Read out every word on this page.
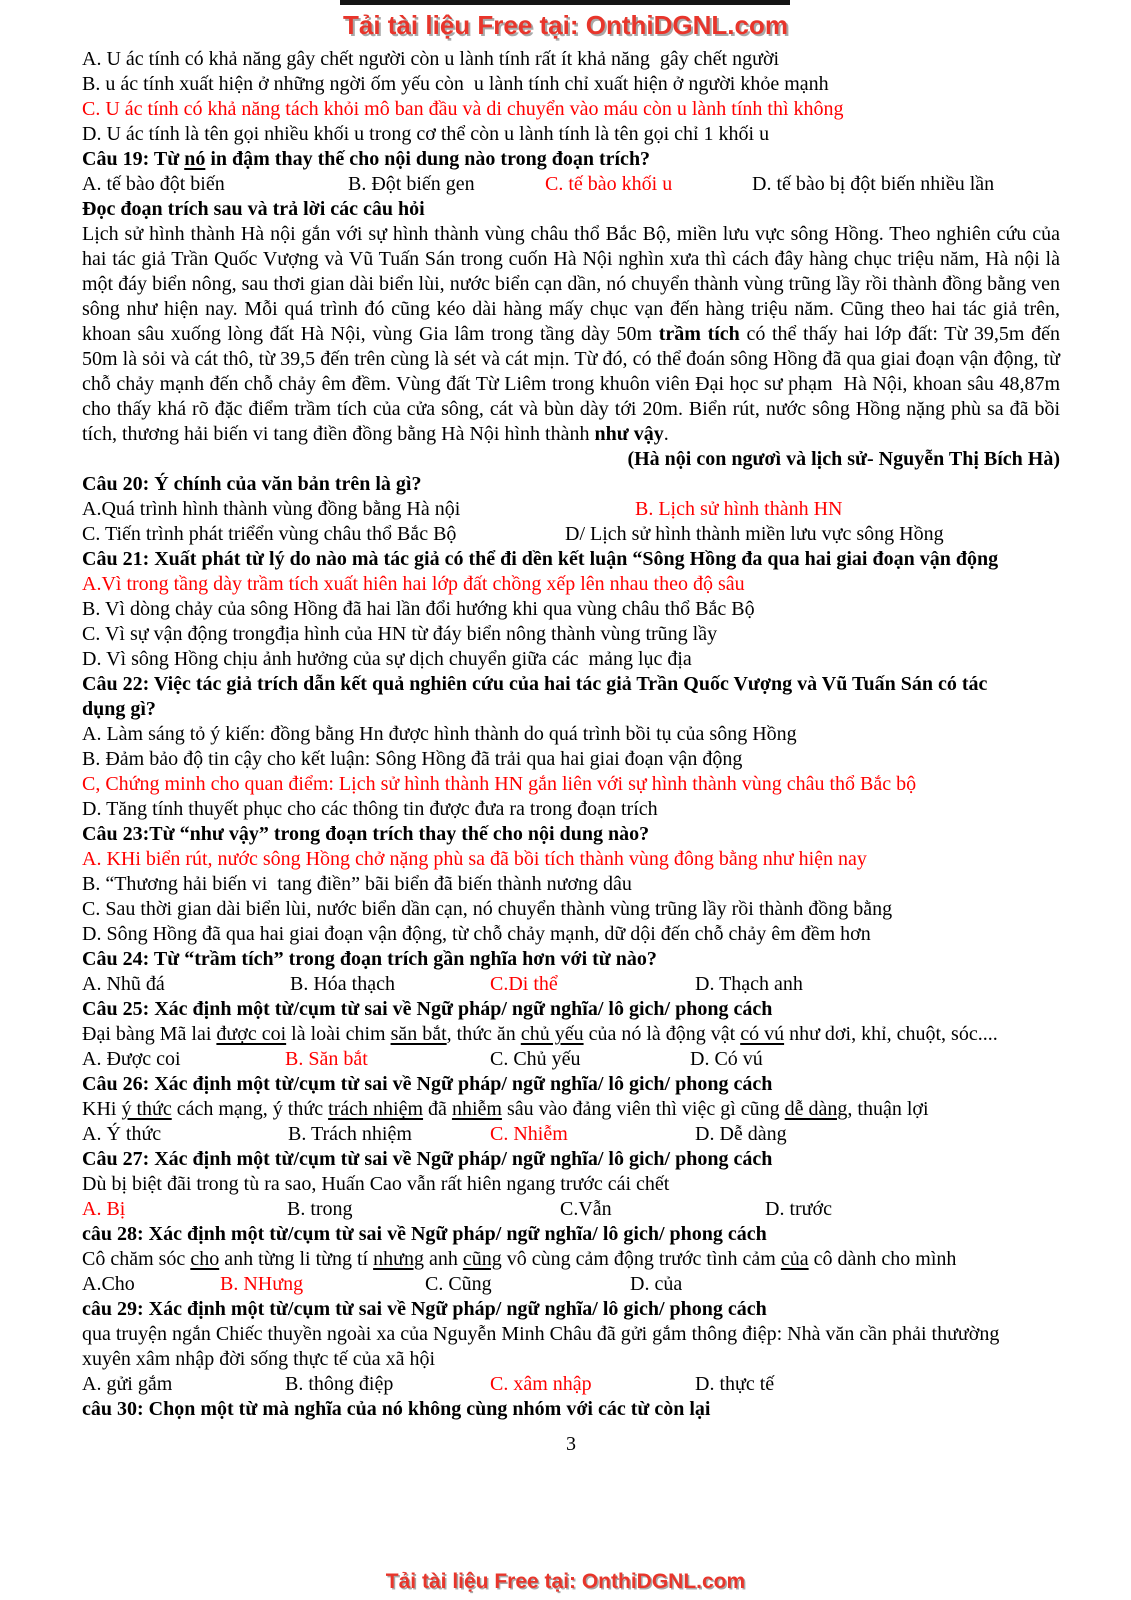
Tải tài liệu Free tại: OnthiDGNL.com
A. U ác tính có khả năng gây chết người còn u lành tính rất ít khả năng  gây chết người
B. u ác tính xuất hiện ở những ngời ốm yếu còn  u lành tính chỉ xuất hiện ở người khỏe mạnh
C. U ác tính có khả năng tách khỏi mô ban đầu và di chuyển vào máu còn u lành tính thì không
D. U ác tính là tên gọi nhiều khối u trong cơ thể còn u lành tính là tên gọi chỉ 1 khối u
Câu 19: Từ nó in đậm thay thế cho nội dung nào trong đoạn trích?
A. tế bào đột biến	B. Đột biến gen	C. tế bào khối u	D. tế bào bị đột biến nhiều lần
Đọc đoạn trích sau và trả lời các câu hỏi
Lịch sử hình thành Hà nội gắn với sự hình thành vùng châu thổ Bắc Bộ, miền lưu vực sông Hồng. Theo nghiên cứu của hai tác giả Trần Quốc Vượng và Vũ Tuấn Sán trong cuốn Hà Nội nghìn xưa thì cách đây hàng chục triệu năm, Hà nội là một đáy biển nông, sau thơi gian dài biển lùi, nước biển cạn dần, nó chuyển thành vùng trũng lầy rồi thành đồng bằng ven sông như hiện nay. Mỗi quá trình đó cũng kéo dài hàng mấy chục vạn đến hàng triệu năm. Cũng theo hai tác giả trên, khoan sâu xuống lòng đất Hà Nội, vùng Gia lâm trong tầng dày 50m trầm tích có thể thấy hai lớp đất: Từ 39,5m đến 50m là sỏi và cát thô, từ 39,5 đến trên cùng là sét và cát mịn. Từ đó, có thể đoán sông Hồng đã qua giai đoạn vận động, từ chỗ chảy mạnh đến chỗ chảy êm đềm. Vùng đất Từ Liêm trong khuôn viên Đại học sư phạm  Hà Nội, khoan sâu 48,87m cho thấy khá rõ đặc điểm trầm tích của cửa sông, cát và bùn dày tới 20m. Biển rút, nước sông Hồng nặng phù sa đã bồi tích, thương hải biến vi tang điền đồng bằng Hà Nội hình thành như vậy.
(Hà nội con ngươì và lịch sử- Nguyễn Thị Bích Hà)
Câu 20: Ý chính của văn bản trên là gì?
A.Quá trình hình thành vùng đồng bằng Hà nội	B. Lịch sử hình thành HN
C. Tiến trình phát triểển vùng châu thổ Bắc Bộ	D/ Lịch sử hình thành miền lưu vực sông Hồng
Câu 21: Xuất phát từ lý do nào mà tác giả có thể đi dền kết luận “Sông Hồng đa qua hai giai đoạn vận động
A.Vì trong tầng dày trầm tích xuất hiên hai lớp đất chồng xếp lên nhau theo độ sâu
B. Vì dòng chảy của sông Hồng đã hai lần đổi hướng khi qua vùng châu thổ Bắc Bộ
C. Vì sự vận động trongđịa hình của HN từ đáy biển nông thành vùng trũng lầy
D. Vì sông Hồng chịu ảnh hưởng của sự dịch chuyển giữa các  mảng lục địa
Câu 22: Việc tác giả trích dẫn kết quả nghiên cứu của hai tác giả Trần Quốc Vượng và Vũ Tuấn Sán có tác
dụng gì?
A. Làm sáng tỏ ý kiến: đồng bằng Hn được hình thành do quá trình bồi tụ của sông Hồng
B. Đảm bảo độ tin cậy cho kết luận: Sông Hồng đã trải qua hai giai đoạn vận động
C, Chứng minh cho quan điểm: Lịch sử hình thành HN gắn liên với sự hình thành vùng châu thổ Bắc bộ
D. Tăng tính thuyết phục cho các thông tin được đưa ra trong đoạn trích
Câu 23:Từ “như vậy” trong đoạn trích thay thế cho nội dung nào?
A. KHi biển rút, nước sông Hồng chở nặng phù sa đã bồi tích thành vùng đông bằng như hiện nay
B. “Thương hải biến vi  tang điền” bãi biển đã biến thành nương dâu
C. Sau thời gian dài biển lùi, nước biển dần cạn, nó chuyển thành vùng trũng lầy rồi thành đồng bằng
D. Sông Hồng đã qua hai giai đoạn vận động, từ chỗ chảy mạnh, dữ dội đến chỗ chảy êm đềm hơn
Câu 24: Từ “trầm tích” trong đoạn trích gần nghĩa hơn với từ nào?
A. Nhũ đá	B. Hóa thạch	C.Di thể	D. Thạch anh
Câu 25: Xác định một từ/cụm từ sai về Ngữ pháp/ ngữ nghĩa/ lô gich/ phong cách
Đại bàng Mã lai được coi là loài chim săn bắt, thức ăn chủ yếu của nó là động vật có vú như dơi, khỉ, chuột, sóc....
A. Được coi	B. Săn bắt	C. Chủ yếu	D. Có vú
Câu 26: Xác định một từ/cụm từ sai về Ngữ pháp/ ngữ nghĩa/ lô gich/ phong cách
KHi ý thức cách mạng, ý thức trách nhiệm đã nhiễm sâu vào đảng viên thì việc gì cũng dễ dàng, thuận lợi
A. Ý thức	B. Trách nhiệm	C. Nhiễm	D. Dễ dàng
Câu 27: Xác định một từ/cụm từ sai về Ngữ pháp/ ngữ nghĩa/ lô gich/ phong cách
Dù bị biệt đãi trong tù ra sao, Huấn Cao vẫn rất hiên ngang trước cái chết
A. Bị	B. trong	C.Vẫn	D. trước
câu 28: Xác định một từ/cụm từ sai về Ngữ pháp/ ngữ nghĩa/ lô gich/ phong cách
Cô chăm sóc cho anh từng li từng tí nhưng anh cũng vô cùng cảm động trước tình cảm của cô dành cho mình
A.Cho	B. NHưng	C. Cũng	D. của
câu 29: Xác định một từ/cụm từ sai về Ngữ pháp/ ngữ nghĩa/ lô gich/ phong cách
qua truyện ngắn Chiếc thuyền ngoài xa của Nguyễn Minh Châu đã gửi gắm thông điệp: Nhà văn cần phải thưường
xuyên xâm nhập đời sống thực tế của xã hội
A. gửi gắm	B. thông điệp	C. xâm nhập	D. thực tế
câu 30: Chọn một từ mà nghĩa của nó không cùng nhóm với các từ còn lại
3
Tải tài liệu Free tại: OnthiDGNL.com
